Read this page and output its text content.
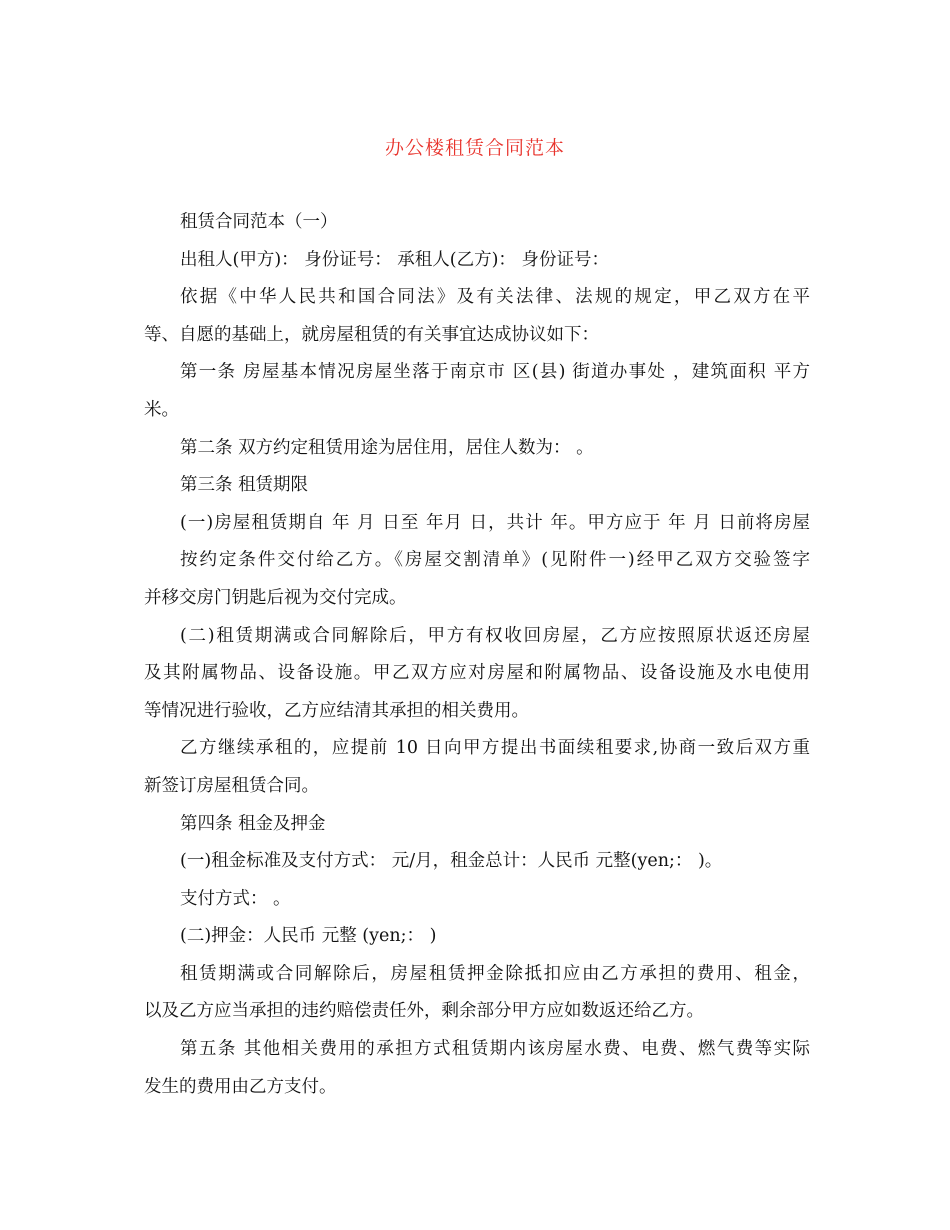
办公楼租赁合同范本
租赁合同范本（一）
出租人(甲方)： 身份证号： 承租人(乙方)： 身份证号：
依据《中华人民共和国合同法》及有关法律、法规的规定，甲乙双方在平
等、自愿的基础上，就房屋租赁的有关事宜达成协议如下：
第一条 房屋基本情况房屋坐落于南京市 区(县) 街道办事处 ，建筑面积 平方
米。
第二条 双方约定租赁用途为居住用，居住人数为： 。
第三条 租赁期限
(一)房屋租赁期自 年 月 日至 年月 日，共计 年。甲方应于 年 月 日前将房屋
按约定条件交付给乙方。《房屋交割清单》(见附件一)经甲乙双方交验签字
并移交房门钥匙后视为交付完成。
(二)租赁期满或合同解除后，甲方有权收回房屋，乙方应按照原状返还房屋
及其附属物品、设备设施。甲乙双方应对房屋和附属物品、设备设施及水电使用
等情况进行验收，乙方应结清其承担的相关费用。
乙方继续承租的，应提前 10 日向甲方提出书面续租要求,协商一致后双方重
新签订房屋租赁合同。
第四条 租金及押金
(一)租金标准及支付方式： 元/月，租金总计：人民币 元整(yen;： )。
支付方式： 。
(二)押金：人民币 元整 (yen;： )
租赁期满或合同解除后，房屋租赁押金除抵扣应由乙方承担的费用、租金，
以及乙方应当承担的违约赔偿责任外，剩余部分甲方应如数返还给乙方。
第五条 其他相关费用的承担方式租赁期内该房屋水费、电费、燃气费等实际
发生的费用由乙方支付。
